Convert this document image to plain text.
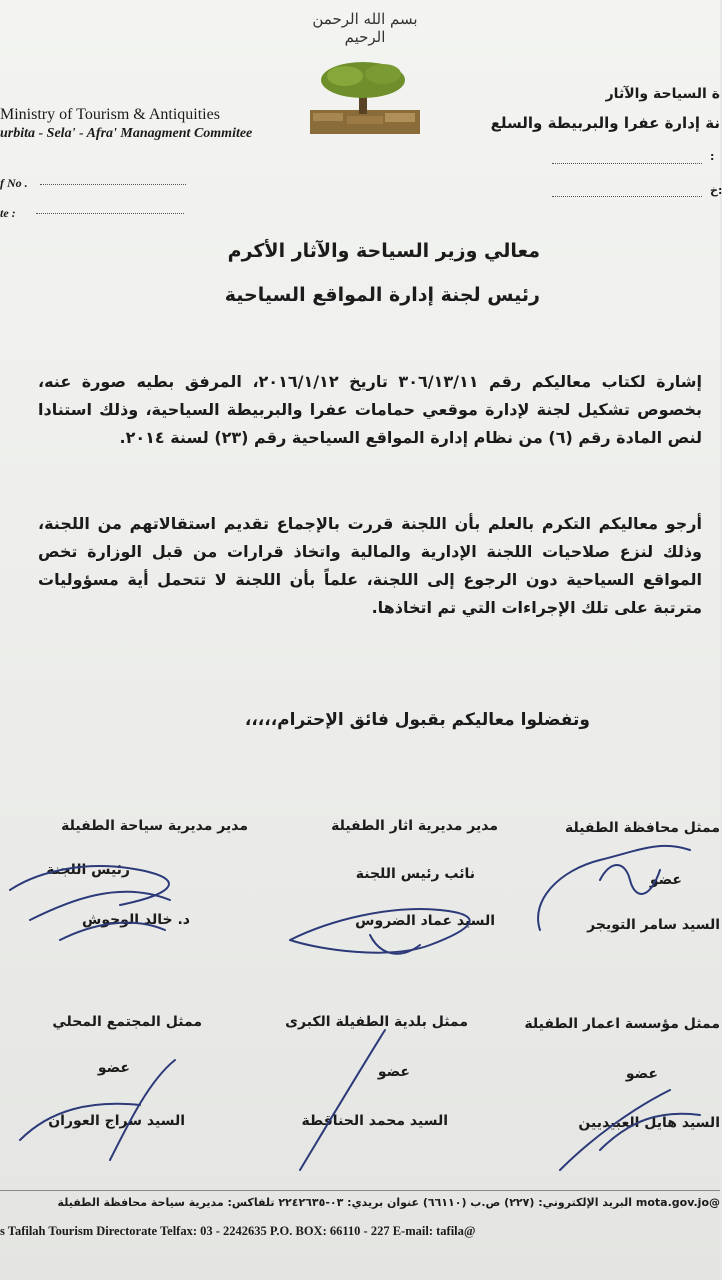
بسم الله الرحمن الرحيم
Ministry of Tourism & Antiquities
urbita - Sela' - Afra' Managment Commitee
ة السياحة والآثار
نة إدارة عفرا والبربيطة والسلع
f No .
te :
:
خ:
معالي وزير السياحة والآثار الأكرم
رئيس لجنة إدارة المواقع السياحية
إشارة لكتاب معاليكم رقم ٣٠٦/١٣/١١ تاريخ ٢٠١٦/١/١٢، المرفق بطيه صورة عنه، بخصوص تشكيل لجنة لإدارة موقعي حمامات عفرا والبربيطة السياحية، وذلك استنادا لنص المادة رقم (٦) من نظام إدارة المواقع السياحية رقم (٢٣) لسنة ٢٠١٤.
أرجو معاليكم التكرم بالعلم بأن اللجنة قررت بالإجماع تقديم استقالاتهم من اللجنة، وذلك لنزع صلاحيات اللجنة الإدارية والمالية واتخاذ قرارات من قبل الوزارة تخص المواقع السياحية دون الرجوع إلى اللجنة، علماً بأن اللجنة لا تتحمل أية مسؤوليات مترتبة على تلك الإجراءات التي تم اتخاذها.
وتفضلوا معاليكم بقبول فائق الإحترام،،،،،
ممثل محافظة الطفيلة
عضو
السيد سامر التويجر
مدير مديرية اثار الطفيلة
نائب رئيس اللجنة
السيد عماد الضروس
مدير مديرية سياحة الطفيلة
رئيس اللجنة
د. خالد الوحوش
ممثل مؤسسة اعمار الطفيلة
عضو
السيد هايل العبيديين
ممثل بلدية الطفيلة الكبرى
عضو
السيد محمد الحناقطة
ممثل المجتمع المحلي
عضو
السيد سراج العوران
@mota.gov.jo البريد الإلكتروني: (٢٢٧) ص.ب (٦٦١١٠) عنوان بريدي: ٠٣-٢٢٤٢٦٣٥ تلفاكس: مديرية سياحة محافظة الطفيلة
s Tafilah Tourism Directorate Telfax: 03 - 2242635 P.O. BOX: 66110 - 227 E-mail: tafila@
